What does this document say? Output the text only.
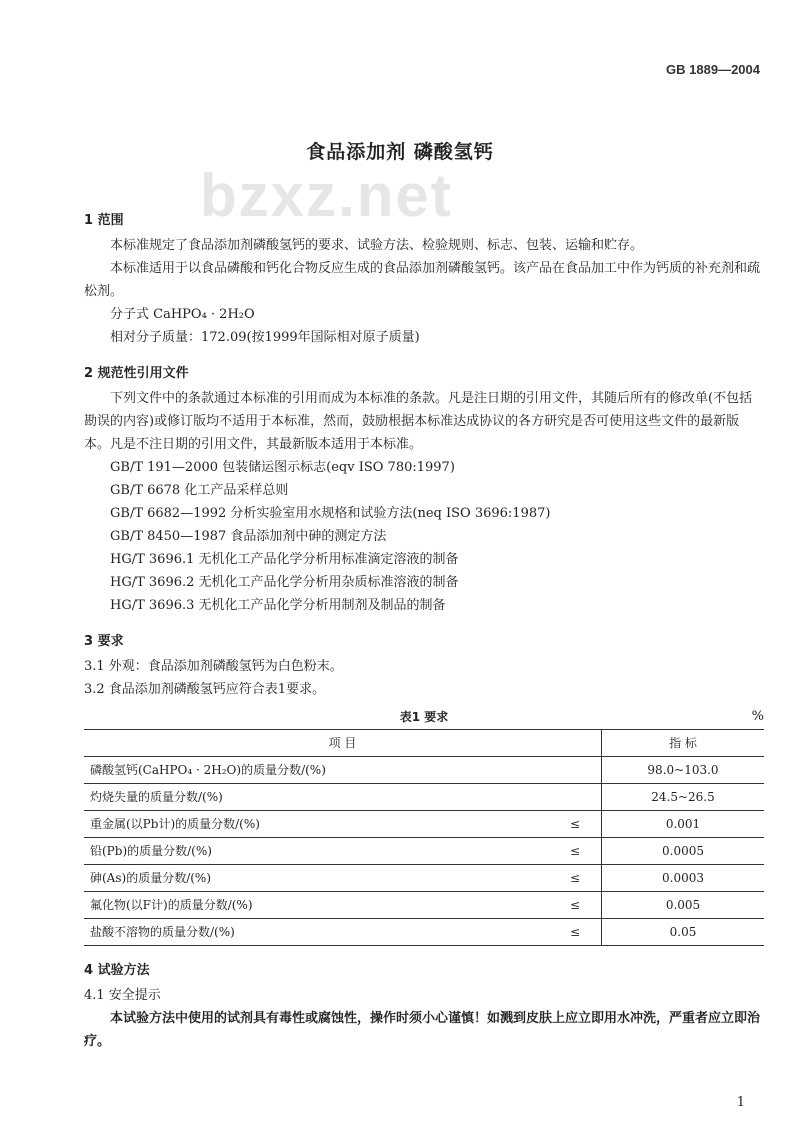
GB 1889—2004
bzxz.net
食品添加剂 磷酸氢钙
1 范围
本标准规定了食品添加剂磷酸氢钙的要求、试验方法、检验规则、标志、包装、运输和贮存。
本标准适用于以食品磷酸和钙化合物反应生成的食品添加剂磷酸氢钙。该产品在食品加工中作为钙质的补充剂和疏松剂。
分子式 CaHPO₄ · 2H₂O
相对分子质量：172.09(按1999年国际相对原子质量)
2 规范性引用文件
下列文件中的条款通过本标准的引用而成为本标准的条款。凡是注日期的引用文件，其随后所有的修改单(不包括勘误的内容)或修订版均不适用于本标准，然而，鼓励根据本标准达成协议的各方研究是否可使用这些文件的最新版本。凡是不注日期的引用文件，其最新版本适用于本标准。
GB/T 191—2000 包装储运图示标志(eqv ISO 780:1997)
GB/T 6678 化工产品采样总则
GB/T 6682—1992 分析实验室用水规格和试验方法(neq ISO 3696:1987)
GB/T 8450—1987 食品添加剂中砷的测定方法
HG/T 3696.1 无机化工产品化学分析用标准滴定溶液的制备
HG/T 3696.2 无机化工产品化学分析用杂质标准溶液的制备
HG/T 3696.3 无机化工产品化学分析用制剂及制品的制备
3 要求
3.1 外观：食品添加剂磷酸氢钙为白色粉末。
3.2 食品添加剂磷酸氢钙应符合表1要求。
表1 要求	%
项 目		指 标
磷酸氢钙(CaHPO₄ · 2H₂O)的质量分数/(%)		98.0~103.0
灼烧失量的质量分数/(%)		24.5~26.5
重金属(以Pb计)的质量分数/(%)	≤	0.001
铅(Pb)的质量分数/(%)	≤	0.0005
砷(As)的质量分数/(%)	≤	0.0003
氟化物(以F计)的质量分数/(%)	≤	0.005
盐酸不溶物的质量分数/(%)	≤	0.05
4 试验方法
4.1 安全提示
本试验方法中使用的试剂具有毒性或腐蚀性，操作时须小心谨慎！如溅到皮肤上应立即用水冲洗，严重者应立即治疗。
1
